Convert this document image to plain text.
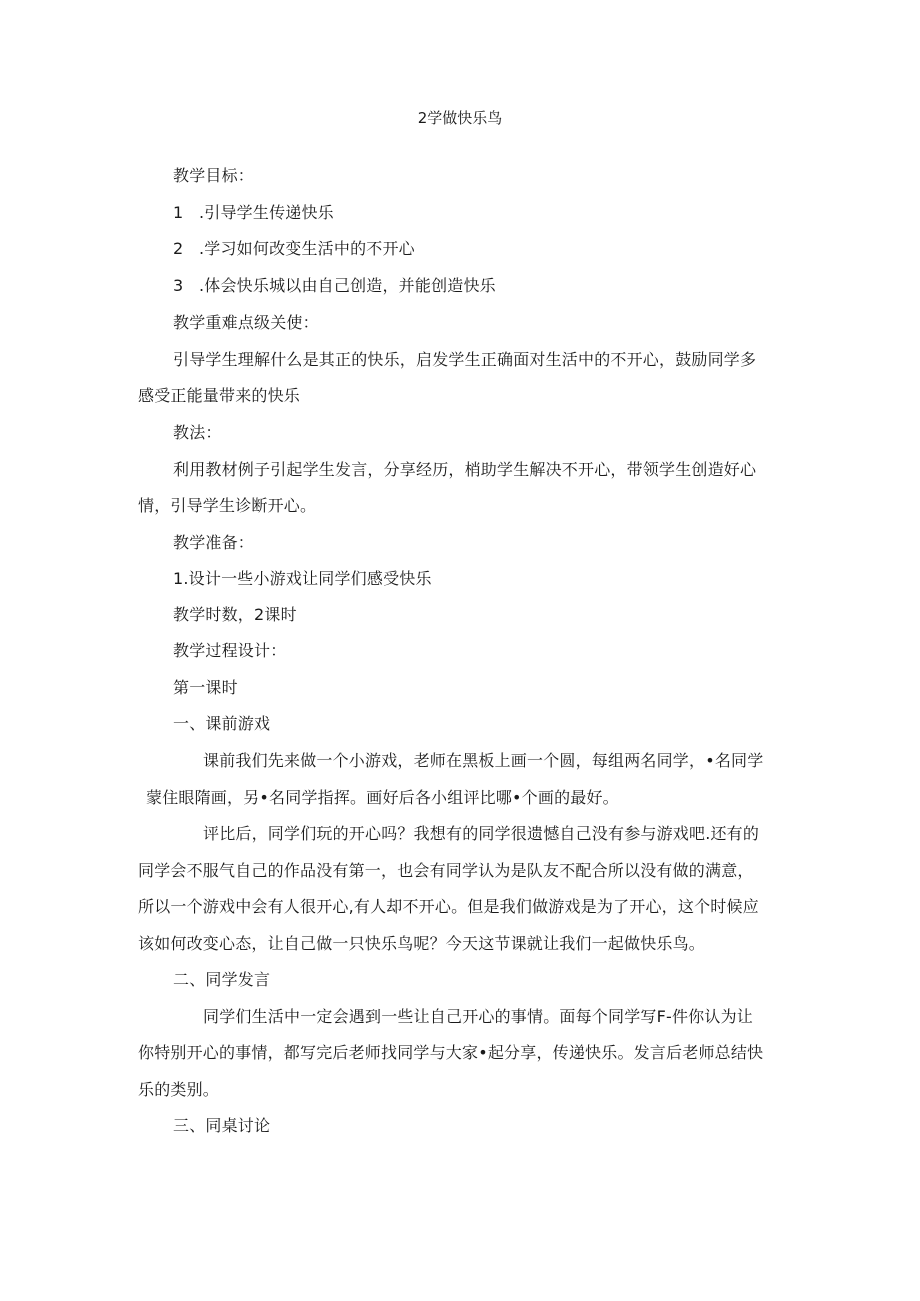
2学做快乐鸟
教学目标：
1 .引导学生传递快乐
2 .学习如何改变生活中的不开心
3 .体会快乐城以由自己创造，并能创造快乐
教学重难点级关使：
引导学生理解什么是其正的快乐，启发学生正确面对生活中的不开心，鼓励同学多
感受正能量带来的快乐
教法：
利用教材例子引起学生发言，分享经历，梢助学生解决不开心，带领学生创造好心
情，引导学生诊断开心。
教学准备：
1.设计一些小游戏让同学们感受快乐
教学时数，2课时
教学过程设计：
第一课时
一、课前游戏
课前我们先来做一个小游戏，老师在黑板上画一个圆，每组两名同学，•名同学
蒙住眼隋画，另•名同学指挥。画好后各小组评比哪•个画的最好。
评比后，同学们玩的开心吗？我想有的同学很遗憾自己没有参与游戏吧.还有的
同学会不服气自己的作品没有第一，也会有同学认为是队友不配合所以没有做的满意，
所以一个游戏中会有人很开心,有人却不开心。但是我们做游戏是为了开心，这个时候应
该如何改变心态，让自己做一只快乐鸟呢？今天这节课就让我们一起做快乐鸟。
二、同学发言
同学们生活中一定会遇到一些让自己开心的事情。面每个同学写F-件你认为让
你特别开心的事情，都写完后老师找同学与大家•起分享，传递快乐。发言后老师总结快
乐的类别。
三、同桌讨论
